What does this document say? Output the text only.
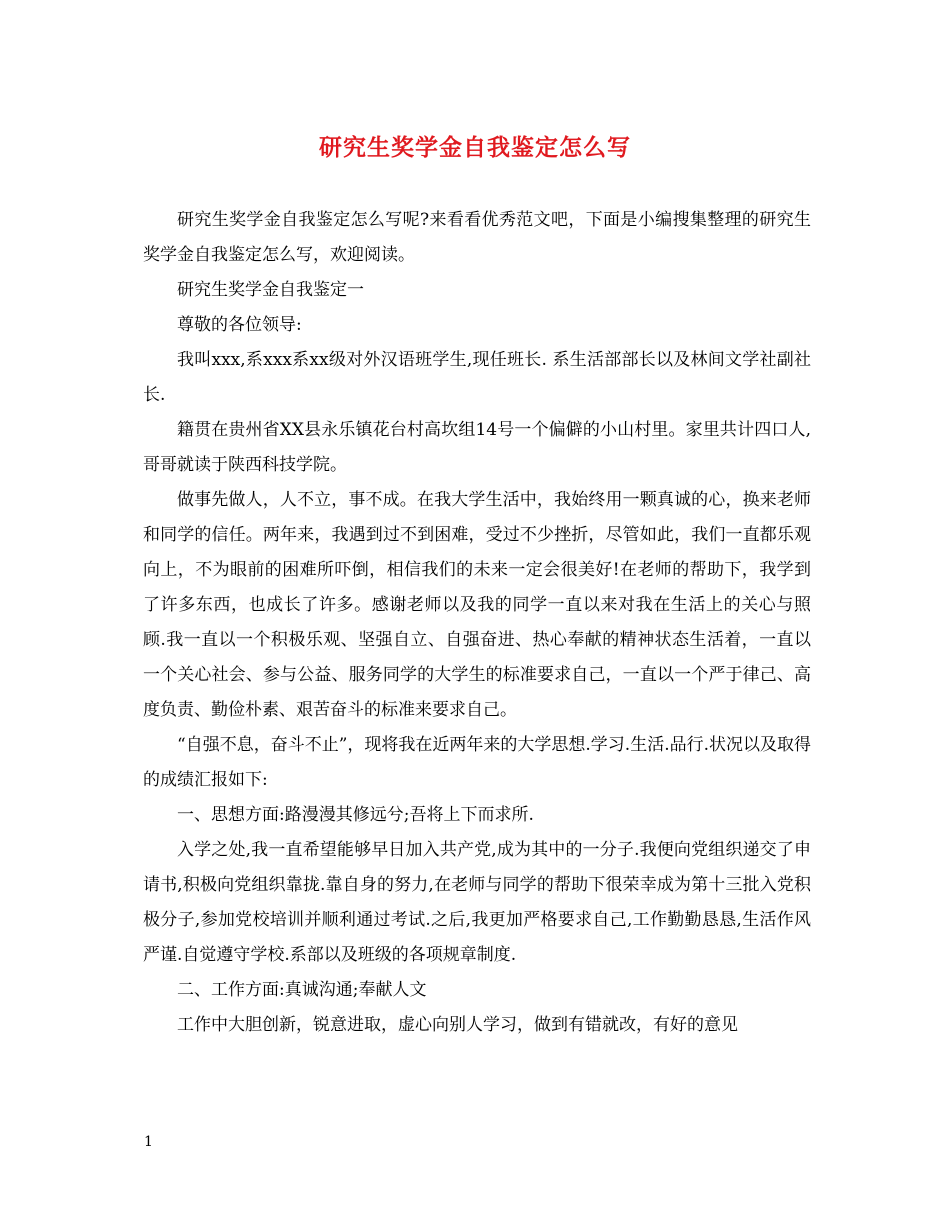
研究生奖学金自我鉴定怎么写

研究生奖学金自我鉴定怎么写呢?来看看优秀范文吧，下面是小编搜集整理的研究生奖学金自我鉴定怎么写，欢迎阅读。

研究生奖学金自我鉴定一

尊敬的各位领导:

我叫xxx,系xxx系xx级对外汉语班学生,现任班长. 系生活部部长以及林间文学社副社长.

籍贯在贵州省XX县永乐镇花台村高坎组14号一个偏僻的小山村里。家里共计四口人,哥哥就读于陕西科技学院。

做事先做人，人不立，事不成。在我大学生活中，我始终用一颗真诚的心，换来老师和同学的信任。两年来，我遇到过不到困难，受过不少挫折，尽管如此，我们一直都乐观向上，不为眼前的困难所吓倒，相信我们的未来一定会很美好!在老师的帮助下，我学到了许多东西，也成长了许多。感谢老师以及我的同学一直以来对我在生活上的关心与照顾.我一直以一个积极乐观、坚强自立、自强奋进、热心奉献的精神状态生活着，一直以一个关心社会、参与公益、服务同学的大学生的标准要求自己，一直以一个严于律己、高度负责、勤俭朴素、艰苦奋斗的标准来要求自己。

“自强不息，奋斗不止”，现将我在近两年来的大学思想.学习.生活.品行.状况以及取得的成绩汇报如下:

一、思想方面:路漫漫其修远兮;吾将上下而求所.

入学之处,我一直希望能够早日加入共产党,成为其中的一分子.我便向党组织递交了申请书,积极向党组织靠拢.靠自身的努力,在老师与同学的帮助下很荣幸成为第十三批入党积极分子,参加党校培训并顺利通过考试.之后,我更加严格要求自己,工作勤勤恳恳,生活作风严谨.自觉遵守学校.系部以及班级的各项规章制度.

二、工作方面:真诚沟通;奉献人文

工作中大胆创新，锐意进取，虚心向别人学习，做到有错就改，有好的意见

1
